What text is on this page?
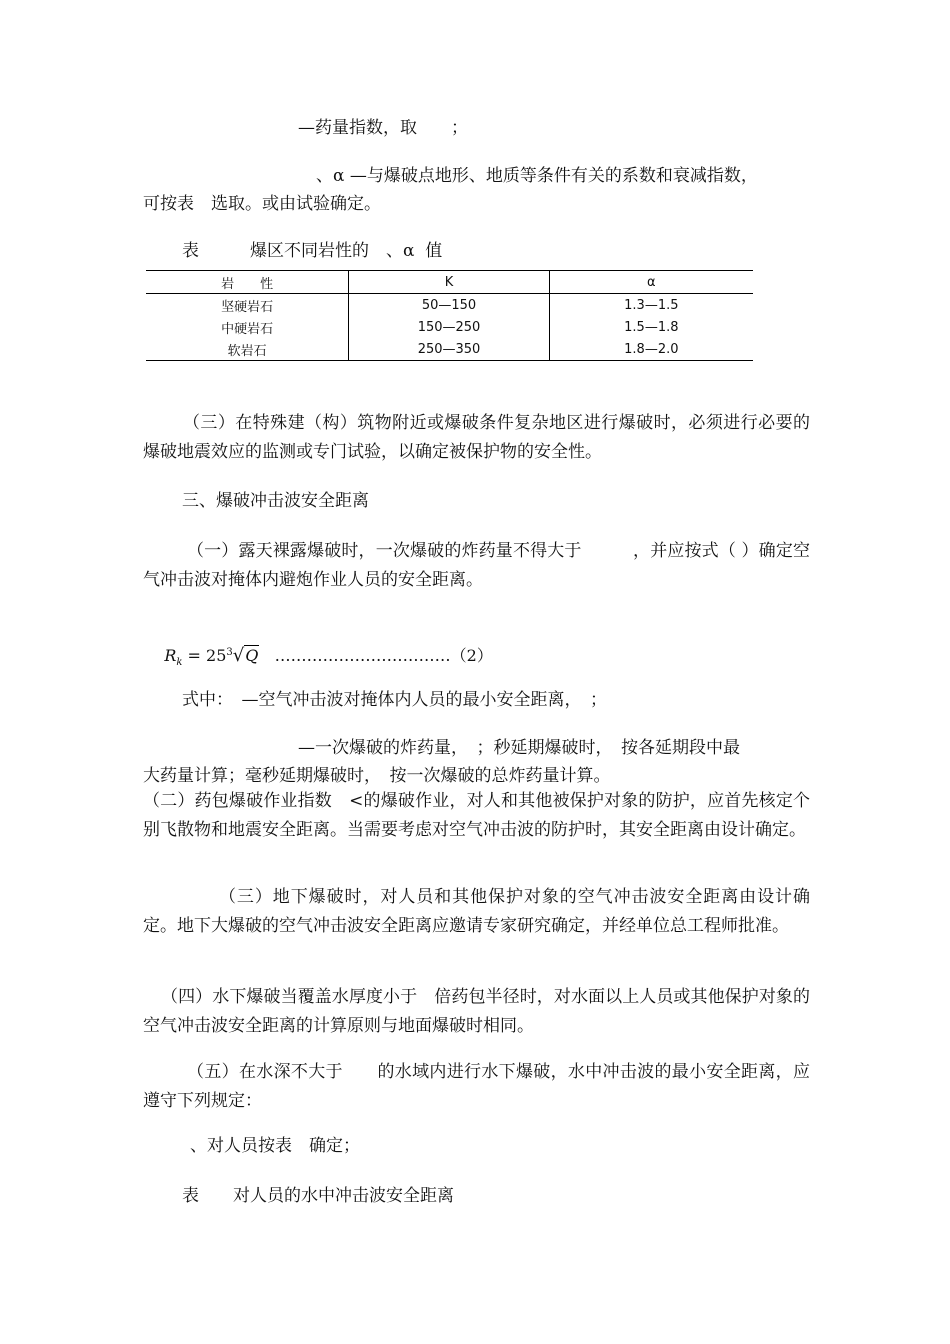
—药量指数，取　　；
、α —与爆破点地形、地质等条件有关的系数和衰减指数，
可按表　选取。或由试验确定。
表　　　爆区不同岩性的　、α  值
岩　　性	K	α
坚硬岩石	50—150	1.3—1.5
中硬岩石	150—250	1.5—1.8
软岩石	250—350	1.8—2.0
（三）在特殊建（构）筑物附近或爆破条件复杂地区进行爆破时，必须进行必要的爆破地震效应的监测或专门试验，以确定被保护物的安全性。
三、爆破冲击波安全距离
（一）露天裸露爆破时，一次爆破的炸药量不得大于　　　，并应按式（ ）确定空气冲击波对掩体内避炮作业人员的安全距离。

$R_k = 25^3√Q$   ……………………………（2）

式中：　—空气冲击波对掩体内人员的最小安全距离，　；
—一次爆破的炸药量，　；秒延期爆破时，　按各延期段中最
大药量计算；毫秒延期爆破时，　按一次爆破的总炸药量计算。
（二）药包爆破作业指数　<的爆破作业，对人和其他被保护对象的防护，应首先核定个别飞散物和地震安全距离。当需要考虑对空气冲击波的防护时，其安全距离由设计确定。
（三）地下爆破时，对人员和其他保护对象的空气冲击波安全距离由设计确定。地下大爆破的空气冲击波安全距离应邀请专家研究确定，并经单位总工程师批准。
（四）水下爆破当覆盖水厚度小于　倍药包半径时，对水面以上人员或其他保护对象的空气冲击波安全距离的计算原则与地面爆破时相同。
（五）在水深不大于　　的水域内进行水下爆破，水中冲击波的最小安全距离，应遵守下列规定：
、对人员按表　确定；
表　　对人员的水中冲击波安全距离
